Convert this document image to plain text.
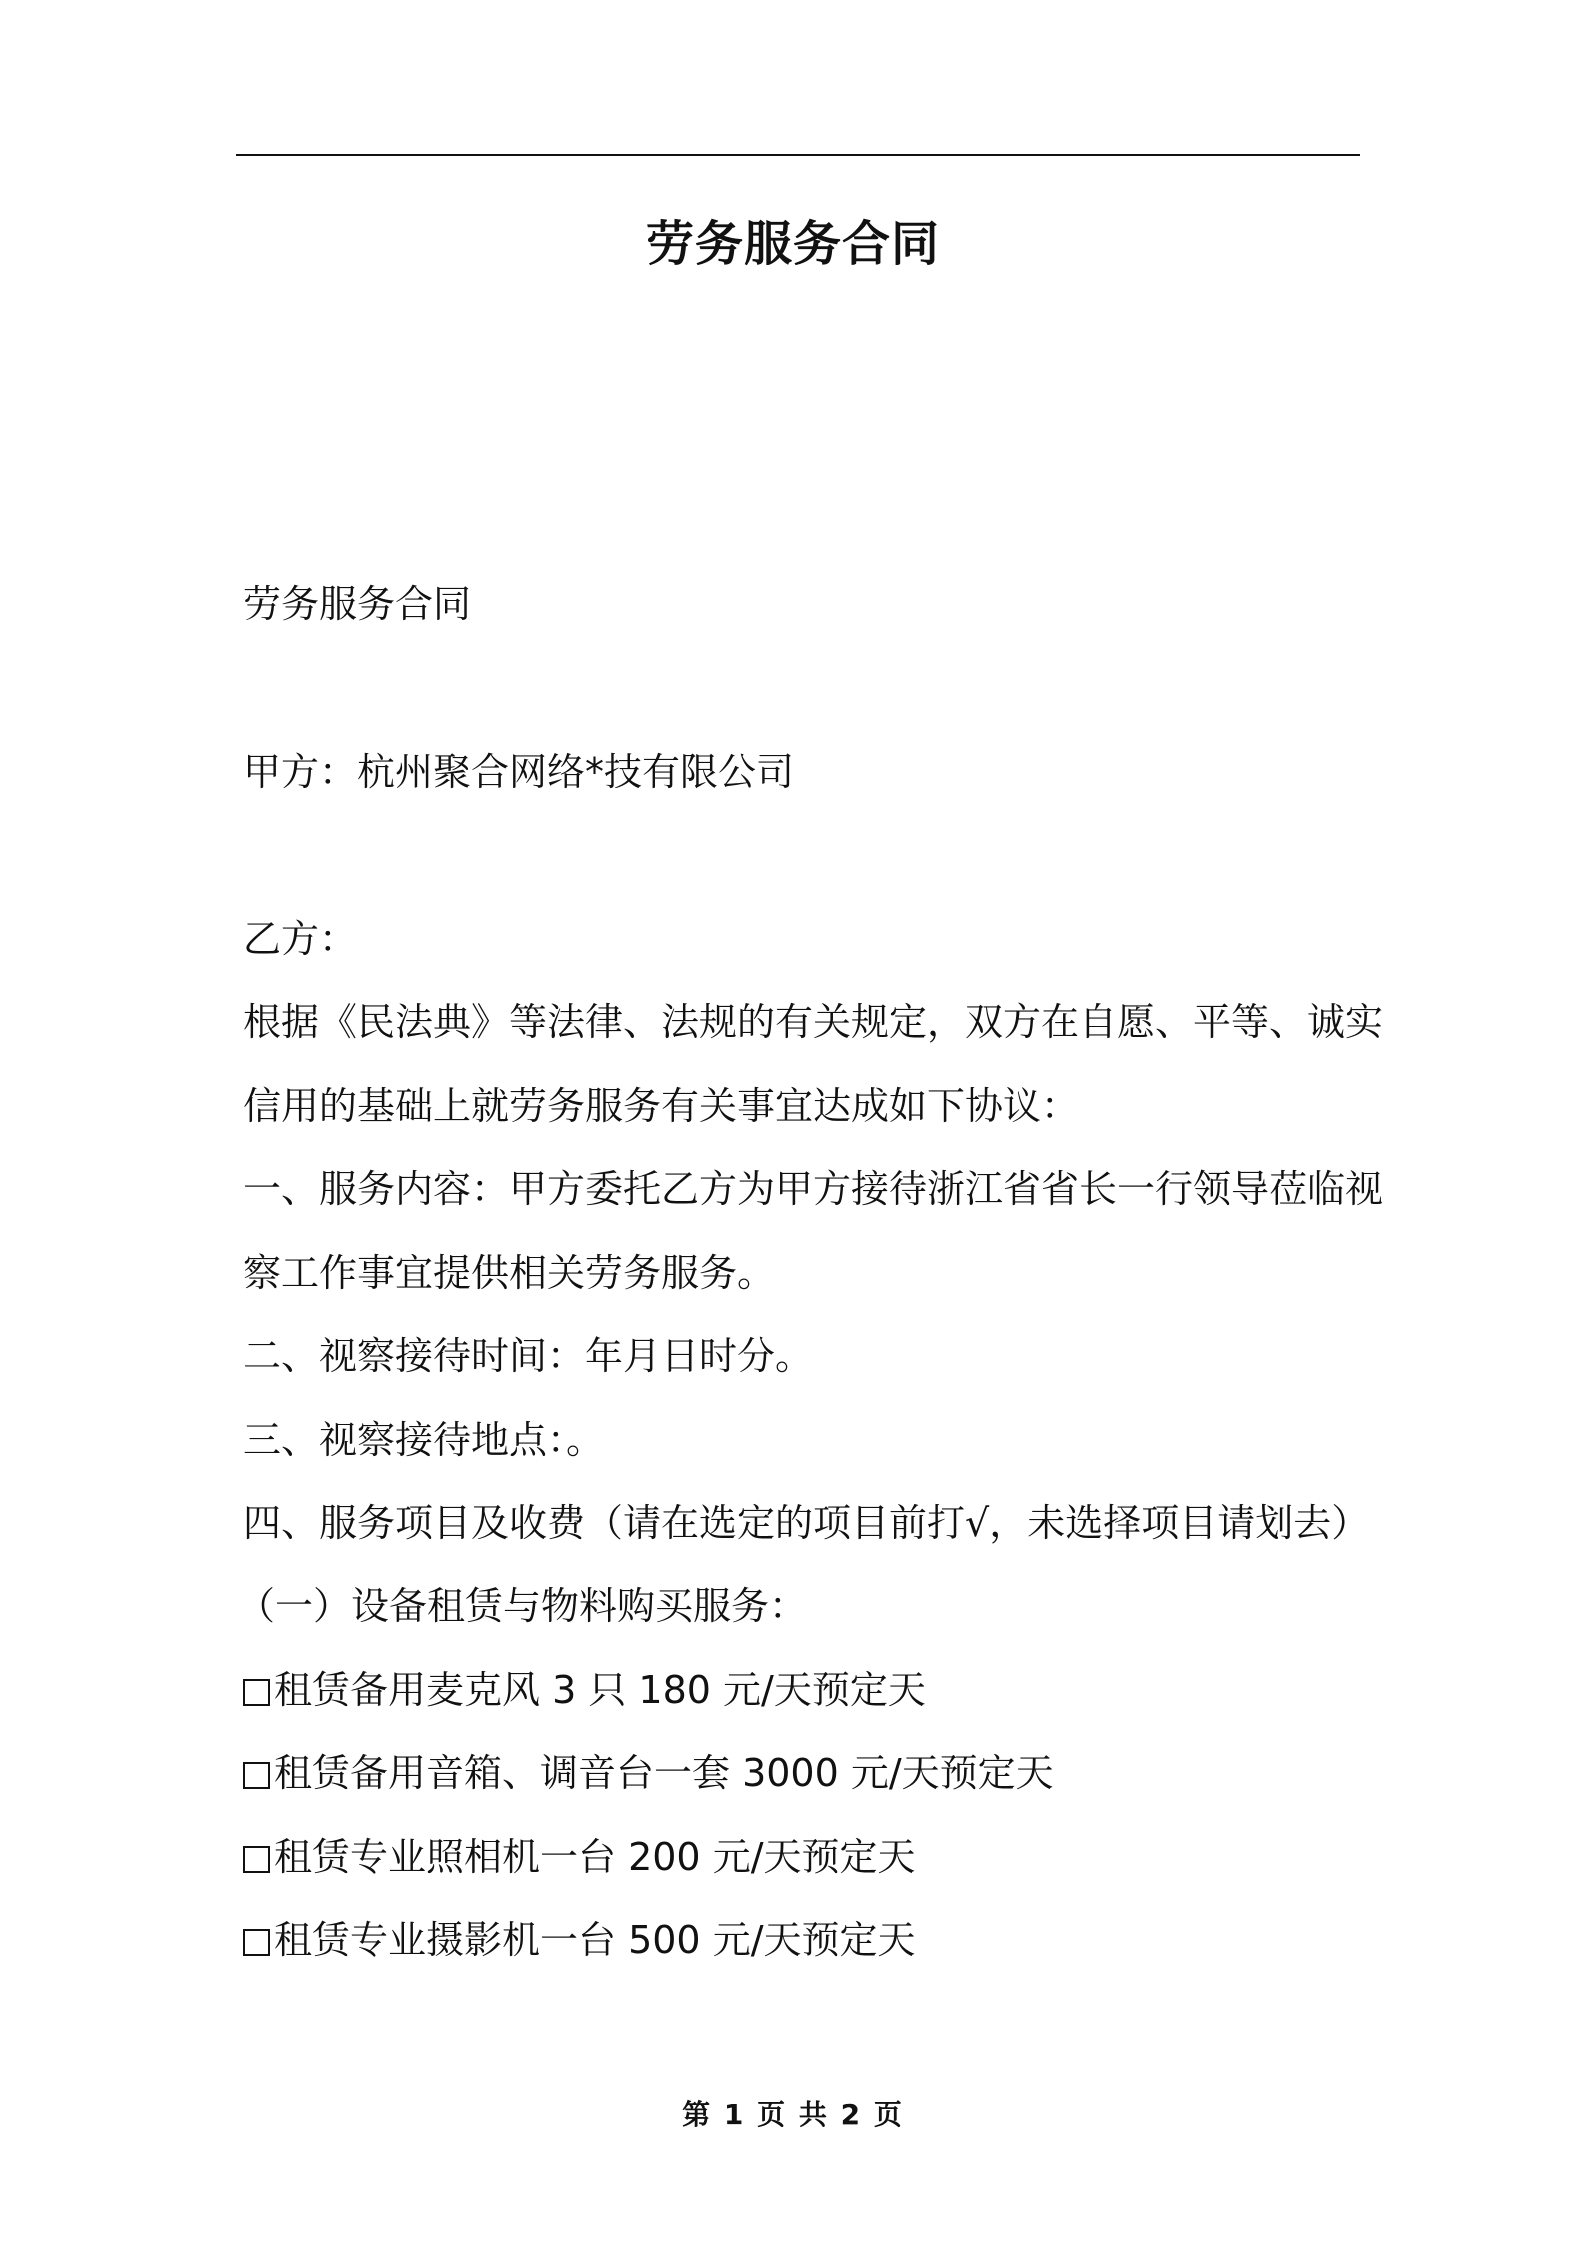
劳务服务合同
劳务服务合同
甲方：杭州聚合网络*技有限公司
乙方：
根据《民法典》等法律、法规的有关规定，双方在自愿、平等、诚实
信用的基础上就劳务服务有关事宜达成如下协议：
一、服务内容：甲方委托乙方为甲方接待浙江省省长一行领导莅临视
察工作事宜提供相关劳务服务。
二、视察接待时间：年月日时分。
三、视察接待地点：。
四、服务项目及收费（请在选定的项目前打√，未选择项目请划去）
（一）设备租赁与物料购买服务：
租赁备用麦克风 3 只 180 元/天预定天
租赁备用音箱、调音台一套 3000 元/天预定天
租赁专业照相机一台 200 元/天预定天
租赁专业摄影机一台 500 元/天预定天
第 1 页 共 2 页
